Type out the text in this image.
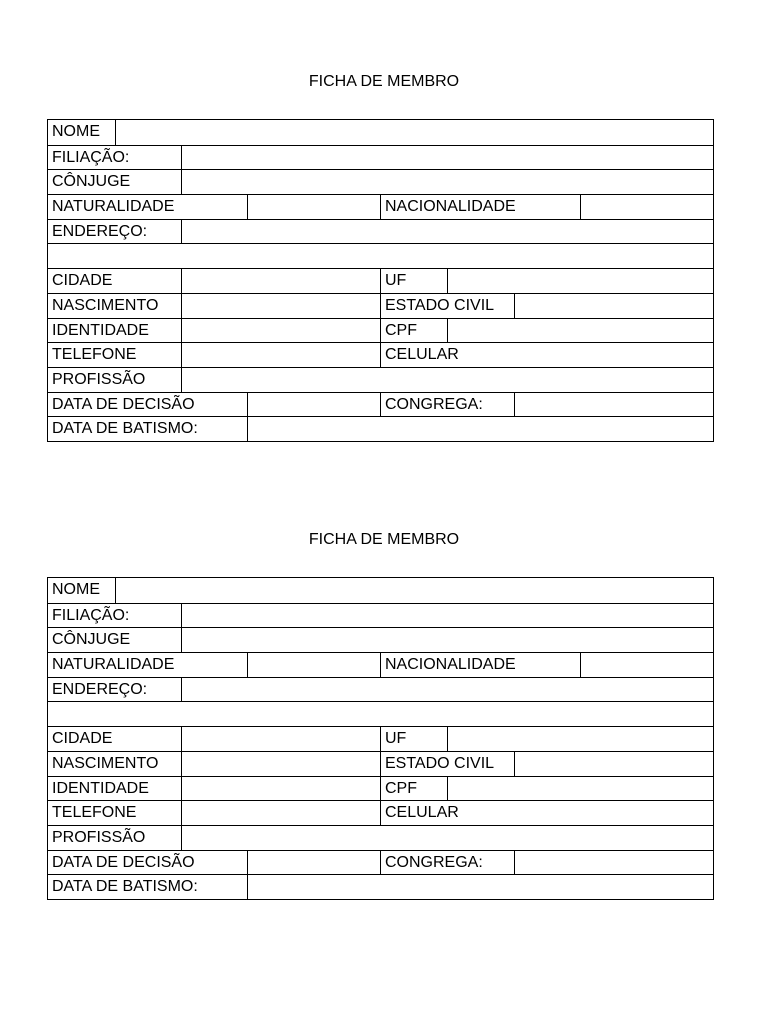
FICHA DE MEMBRO
NOME
FILIAÇÃO:
CÔNJUGE
NATURALIDADE	NACIONALIDADE
ENDEREÇO:
CIDADE	UF
NASCIMENTO	ESTADO CIVIL
IDENTIDADE	CPF
TELEFONE	CELULAR
PROFISSÃO
DATA DE DECISÃO	CONGREGA:
DATA DE BATISMO:
FICHA DE MEMBRO
NOME
FILIAÇÃO:
CÔNJUGE
NATURALIDADE	NACIONALIDADE
ENDEREÇO:
CIDADE	UF
NASCIMENTO	ESTADO CIVIL
IDENTIDADE	CPF
TELEFONE	CELULAR
PROFISSÃO
DATA DE DECISÃO	CONGREGA:
DATA DE BATISMO:
